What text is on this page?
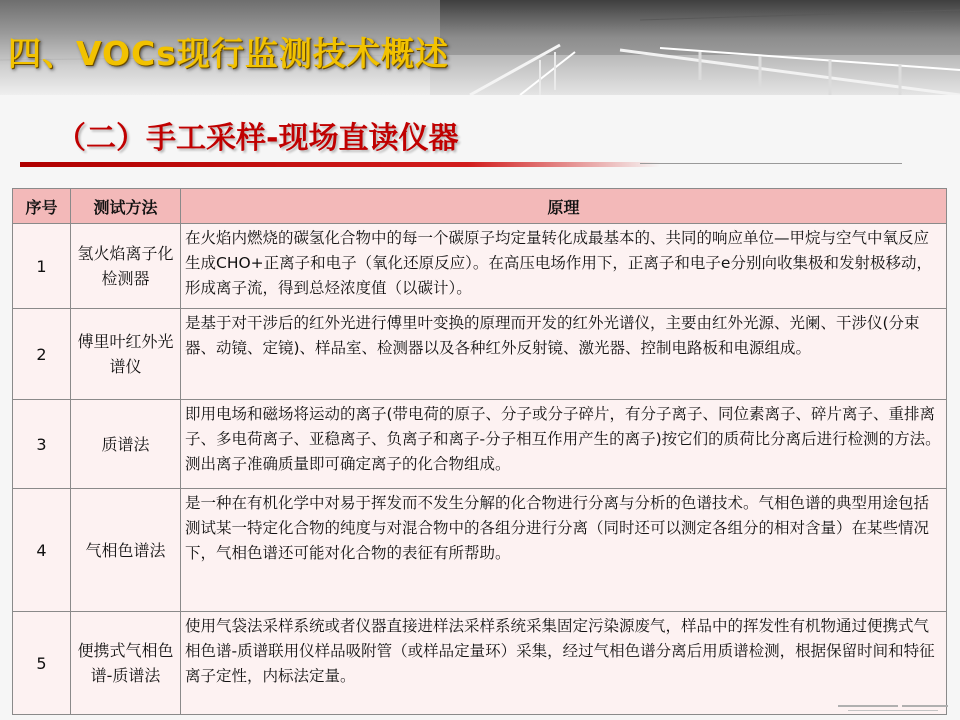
四、VOCs现行监测技术概述
（二）手工采样-现场直读仪器
序号	测试方法	原理
1	氢火焰离子化检测器	在火焰内燃烧的碳氢化合物中的每一个碳原子均定量转化成最基本的、共同的响应单位—甲烷与空气中氧反应生成CHO+正离子和电子（氧化还原反应）。在高压电场作用下，正离子和电子e分别向收集极和发射极移动，形成离子流，得到总烃浓度值（以碳计）。
2	傅里叶红外光谱仪	是基于对干涉后的红外光进行傅里叶变换的原理而开发的红外光谱仪，主要由红外光源、光阑、干涉仪(分束器、动镜、定镜)、样品室、检测器以及各种红外反射镜、激光器、控制电路板和电源组成。
3	质谱法	即用电场和磁场将运动的离子(带电荷的原子、分子或分子碎片，有分子离子、同位素离子、碎片离子、重排离子、多电荷离子、亚稳离子、负离子和离子-分子相互作用产生的离子)按它们的质荷比分离后进行检测的方法。测出离子准确质量即可确定离子的化合物组成。
4	气相色谱法	是一种在有机化学中对易于挥发而不发生分解的化合物进行分离与分析的色谱技术。气相色谱的典型用途包括测试某一特定化合物的纯度与对混合物中的各组分进行分离（同时还可以测定各组分的相对含量）在某些情况下，气相色谱还可能对化合物的表征有所帮助。
5	便携式气相色谱-质谱法	使用气袋法采样系统或者仪器直接进样法采样系统采集固定污染源废气，样品中的挥发性有机物通过便携式气相色谱-质谱联用仪样品吸附管（或样品定量环）采集，经过气相色谱分离后用质谱检测，根据保留时间和特征离子定性，内标法定量。
